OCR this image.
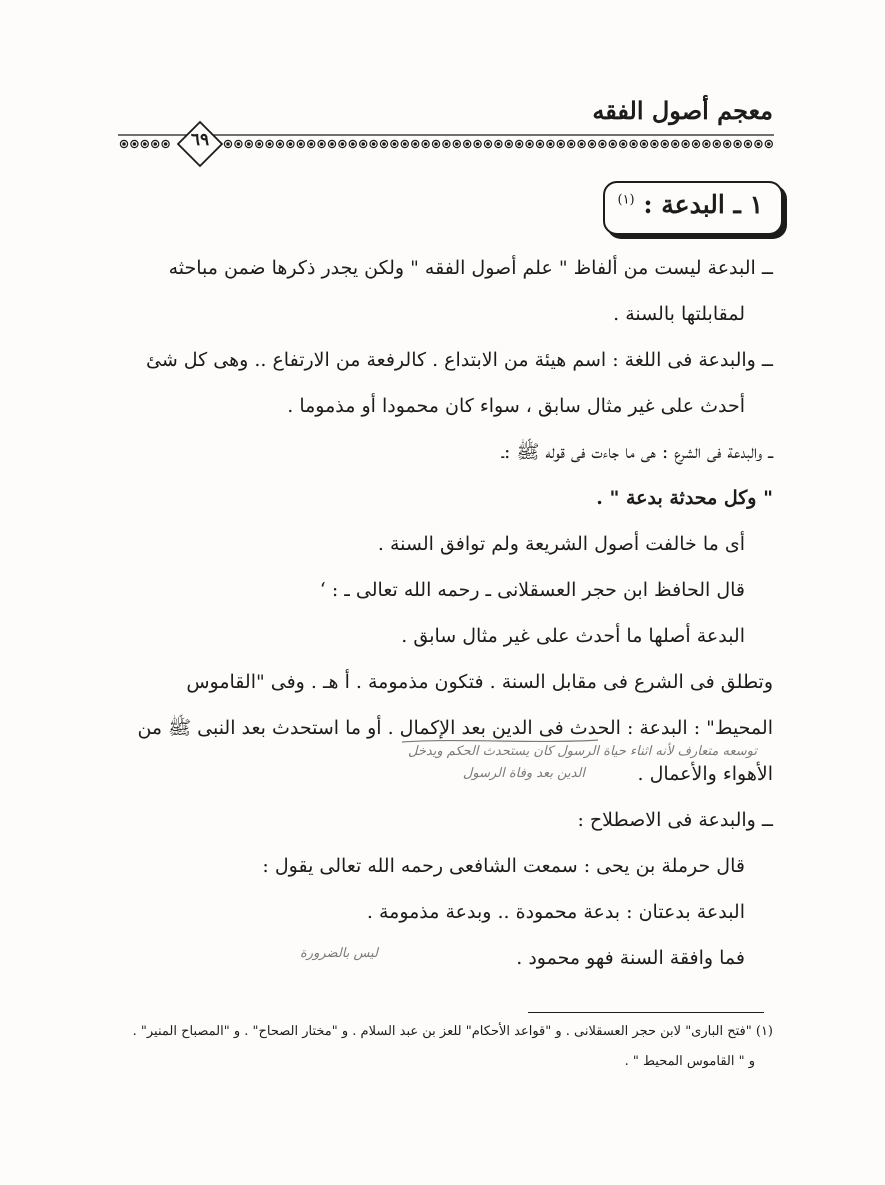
معجم أصول الفقه
٦٩
١ ـ البدعة : $^{(١)}$
ــ البدعة ليست من ألفاظ " علم أصول الفقه " ولكن يجدر ذكرها ضمن مباحثه
لمقابلتها بالسنة .
ــ والبدعة فى اللغة : اسم هيئة من الابتداع . كالرفعة من الارتفاع .. وهى كل شئ
أحدث على غير مثال سابق ، سواء كان محمودا أو مذموما .
ــ والبدعة فى الشرع : هى ما جاءت فى قوله ﷺ :ـ
" وكل محدثة بدعة " .
أى ما خالفت أصول الشريعة ولم توافق السنة .
قال الحافظ ابن حجر العسقلانى ـ رحمه الله تعالى ـ : ‘
البدعة أصلها ما أحدث على غير مثال سابق .
وتطلق فى الشرع فى مقابل السنة . فتكون مذمومة . أ هـ . وفى "القاموس
المحيط" : البدعة : الحدث فى الدين بعد الإكمال . أو ما استحدث بعد النبى ﷺ من
الأهواء والأعمال .
ــ والبدعة فى الاصطلاح :
قال حرملة بن يحى : سمعت الشافعى رحمه الله تعالى يقول :
البدعة بدعتان : بدعة محمودة .. وبدعة مذمومة .
فما وافقة السنة فهو محمود .
توسعه متعارف لأنه اثناء حياة الرسول كان يستحدث الحكم ويدخل
الدين بعد وفاة الرسول
ليس بالضرورة
(١) "فتح البارى" لابن حجر العسقلانى . و "قواعد الأحكام" للعز بن عبد السلام . و "مختار الصحاح" . و "المصباح المنير" .
و " القاموس المحيط " .
